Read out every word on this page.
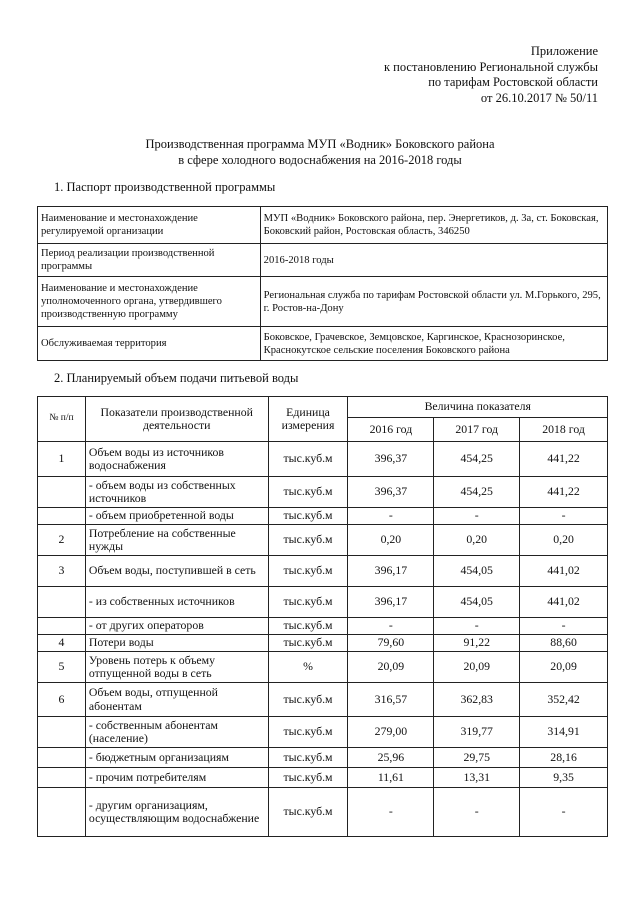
Приложение
к постановлению Региональной службы
по тарифам Ростовской области
от 26.10.2017 № 50/11
Производственная программа МУП «Водник» Боковского района
в сфере холодного водоснабжения на 2016-2018 годы
1. Паспорт производственной программы
Наименование и местонахождение регулируемой организации	МУП «Водник» Боковского района, пер. Энергетиков, д. 3а, ст. Боковская, Боковский район, Ростовская область, 346250
Период реализации производственной программы	2016-2018 годы
Наименование и местонахождение уполномоченного органа, утвердившего производственную программу	Региональная служба по тарифам Ростовской области ул. М.Горького, 295, г. Ростов-на-Дону
Обслуживаемая территория	Боковское, Грачевское, Земцовское, Каргинское, Краснозоринское, Краснокутское сельские поселения Боковского района
2. Планируемый объем подачи питьевой воды
№ п/п	Показатели производственной деятельности	Единица измерения	Величина показателя		
			2016 год	2017 год	2018 год
1	Объем воды из источников водоснабжения	тыс.куб.м	396,37	454,25	441,22
	- объем воды из собственных источников	тыс.куб.м	396,37	454,25	441,22
	- объем приобретенной воды	тыс.куб.м	-	-	-
2	Потребление на собственные нужды	тыс.куб.м	0,20	0,20	0,20
3	Объем воды, поступившей в сеть	тыс.куб.м	396,17	454,05	441,02
	- из собственных источников	тыс.куб.м	396,17	454,05	441,02
	- от других операторов	тыс.куб.м	-	-	-
4	Потери воды	тыс.куб.м	79,60	91,22	88,60
5	Уровень потерь к объему отпущенной воды в сеть	%	20,09	20,09	20,09
6	Объем воды, отпущенной абонентам	тыс.куб.м	316,57	362,83	352,42
	- собственным абонентам (население)	тыс.куб.м	279,00	319,77	314,91
	- бюджетным организациям	тыс.куб.м	25,96	29,75	28,16
	- прочим потребителям	тыс.куб.м	11,61	13,31	9,35
	- другим организациям, осуществляющим водоснабжение	тыс.куб.м	-	-	-
